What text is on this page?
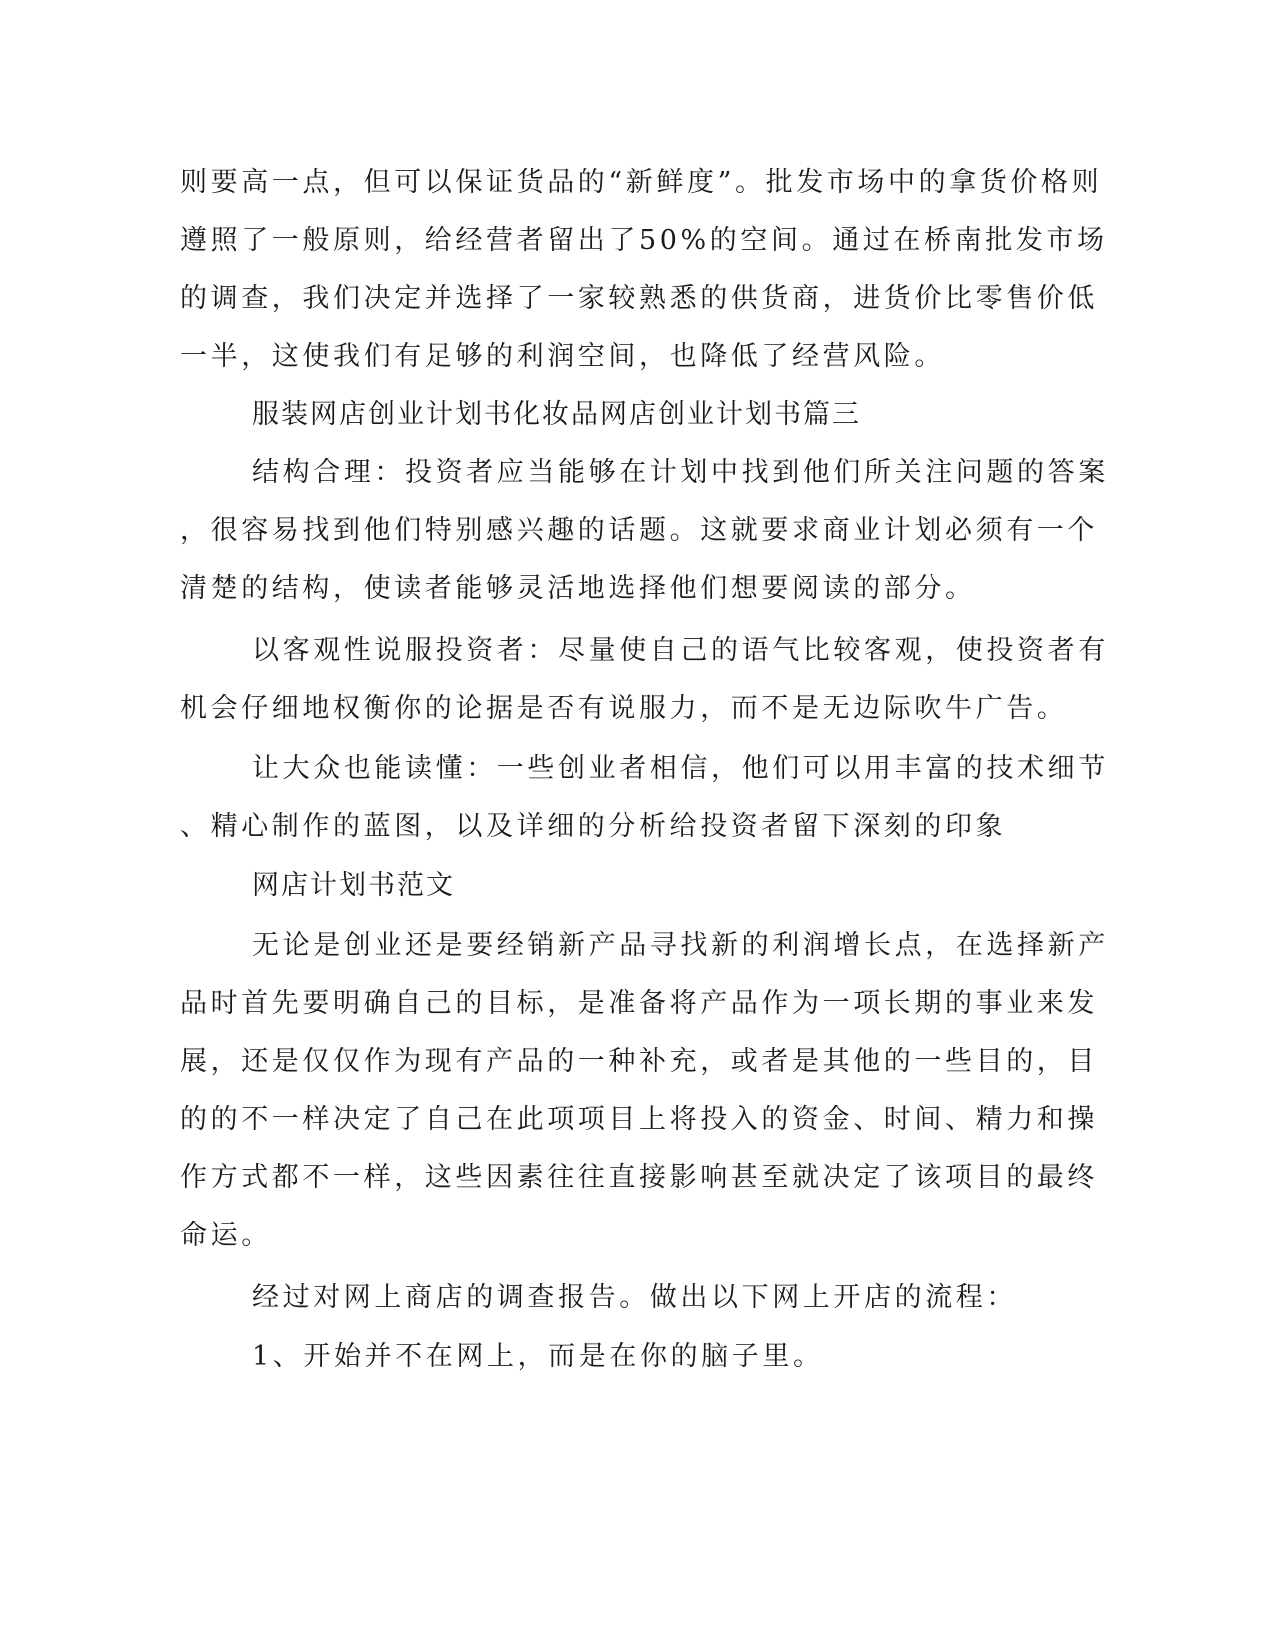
则要高一点，但可以保证货品的“新鲜度”。批发市场中的拿货价格则
遵照了一般原则，给经营者留出了50%的空间。通过在桥南批发市场
的调查，我们决定并选择了一家较熟悉的供货商，进货价比零售价低
一半，这使我们有足够的利润空间，也降低了经营风险。
服装网店创业计划书化妆品网店创业计划书篇三
结构合理：投资者应当能够在计划中找到他们所关注问题的答案
，很容易找到他们特别感兴趣的话题。这就要求商业计划必须有一个
清楚的结构，使读者能够灵活地选择他们想要阅读的部分。
以客观性说服投资者：尽量使自己的语气比较客观，使投资者有
机会仔细地权衡你的论据是否有说服力，而不是无边际吹牛广告。
让大众也能读懂：一些创业者相信，他们可以用丰富的技术细节
、精心制作的蓝图，以及详细的分析给投资者留下深刻的印象
网店计划书范文
无论是创业还是要经销新产品寻找新的利润增长点，在选择新产
品时首先要明确自己的目标，是准备将产品作为一项长期的事业来发
展，还是仅仅作为现有产品的一种补充，或者是其他的一些目的，目
的的不一样决定了自己在此项项目上将投入的资金、时间、精力和操
作方式都不一样，这些因素往往直接影响甚至就决定了该项目的最终
命运。
经过对网上商店的调查报告。做出以下网上开店的流程：
1、开始并不在网上，而是在你的脑子里。
